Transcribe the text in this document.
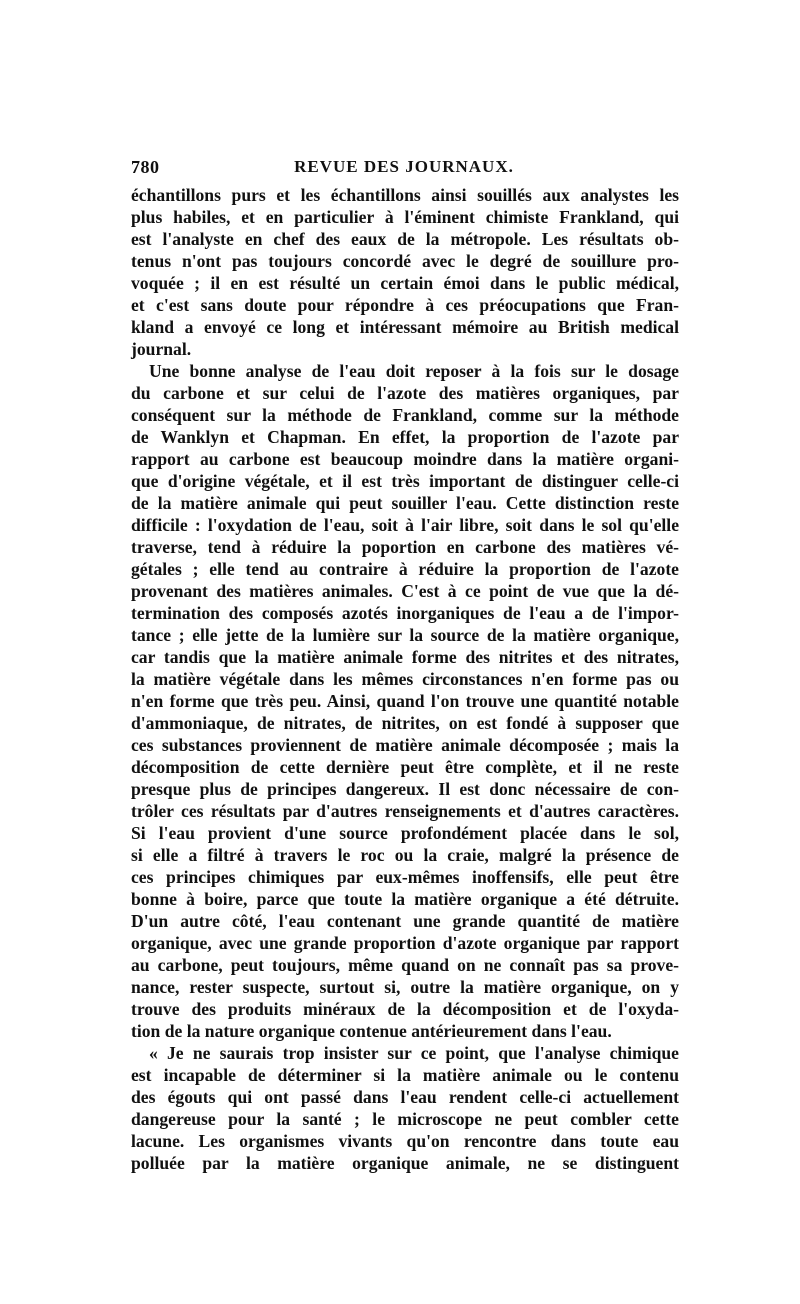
780	REVUE DES JOURNAUX.
échantillons purs et les échantillons ainsi souillés aux analystes les
plus habiles, et en particulier à l'éminent chimiste Frankland, qui
est l'analyste en chef des eaux de la métropole. Les résultats ob-
tenus n'ont pas toujours concordé avec le degré de souillure pro-
voquée ; il en est résulté un certain émoi dans le public médical,
et c'est sans doute pour répondre à ces préocupations que Fran-
kland a envoyé ce long et intéressant mémoire au British medical
journal.
Une bonne analyse de l'eau doit reposer à la fois sur le dosage
du carbone et sur celui de l'azote des matières organiques, par
conséquent sur la méthode de Frankland, comme sur la méthode
de Wanklyn et Chapman. En effet, la proportion de l'azote par
rapport au carbone est beaucoup moindre dans la matière organi-
que d'origine végétale, et il est très important de distinguer celle-ci
de la matière animale qui peut souiller l'eau. Cette distinction reste
difficile : l'oxydation de l'eau, soit à l'air libre, soit dans le sol qu'elle
traverse, tend à réduire la poportion en carbone des matières vé-
gétales ; elle tend au contraire à réduire la proportion de l'azote
provenant des matières animales. C'est à ce point de vue que la dé-
termination des composés azotés inorganiques de l'eau a de l'impor-
tance ; elle jette de la lumière sur la source de la matière organique,
car tandis que la matière animale forme des nitrites et des nitrates,
la matière végétale dans les mêmes circonstances n'en forme pas ou
n'en forme que très peu. Ainsi, quand l'on trouve une quantité notable
d'ammoniaque, de nitrates, de nitrites, on est fondé à supposer que
ces substances proviennent de matière animale décomposée ; mais la
décomposition de cette dernière peut être complète, et il ne reste
presque plus de principes dangereux. Il est donc nécessaire de con-
trôler ces résultats par d'autres renseignements et d'autres caractères.
Si l'eau provient d'une source profondément placée dans le sol,
si elle a filtré à travers le roc ou la craie, malgré la présence de
ces principes chimiques par eux-mêmes inoffensifs, elle peut être
bonne à boire, parce que toute la matière organique a été détruite.
D'un autre côté, l'eau contenant une grande quantité de matière
organique, avec une grande proportion d'azote organique par rapport
au carbone, peut toujours, même quand on ne connaît pas sa prove-
nance, rester suspecte, surtout si, outre la matière organique, on y
trouve des produits minéraux de la décomposition et de l'oxyda-
tion de la nature organique contenue antérieurement dans l'eau.
« Je ne saurais trop insister sur ce point, que l'analyse chimique
est incapable de déterminer si la matière animale ou le contenu
des égouts qui ont passé dans l'eau rendent celle-ci actuellement
dangereuse pour la santé ; le microscope ne peut combler cette
lacune. Les organismes vivants qu'on rencontre dans toute eau
polluée par la matière organique animale, ne se distinguent
